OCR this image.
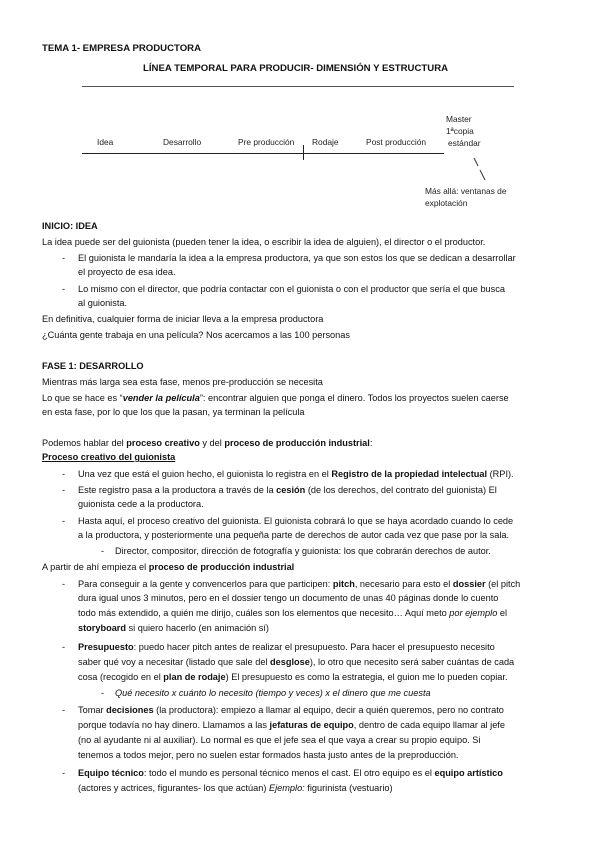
TEMA 1- EMPRESA PRODUCTORA
LÍNEA TEMPORAL PARA PRODUCIR- DIMENSIÓN Y ESTRUCTURA
Idea	Desarrollo	Pre producción Rodaje	Post producción
Master
1ªcopia
estándar
Más allá: ventanas de
explotación
INICIO: IDEA
La idea puede ser del guionista (pueden tener la idea, o escribir la idea de alguien), el director o el productor.
- El guionista le mandaría la idea a la empresa productora, ya que son estos los que se dedican a desarrollar
el proyecto de esa idea.
- Lo mismo con el director, que podría contactar con el guionista o con el productor que sería el que busca
al guionista.
En definitiva, cualquier forma de iniciar lleva a la empresa productora
¿Cuánta gente trabaja en una película? Nos acercamos a las 100 personas
FASE 1: DESARROLLO
Mientras más larga sea esta fase, menos pre-producción se necesita
Lo que se hace es “vender la película”: encontrar alguien que ponga el dinero. Todos los proyectos suelen caerse
en esta fase, por lo que los que la pasan, ya terminan la película
Podemos hablar del proceso creativo y del proceso de producción industrial:
Proceso creativo del guionista
- Una vez que está el guion hecho, el guionista lo registra en el Registro de la propiedad intelectual (RPI).
- Este registro pasa a la productora a través de la cesión (de los derechos, del contrato del guionista) El
guionista cede a la productora.
- Hasta aquí, el proceso creativo del guionista. El guionista cobrará lo que se haya acordado cuando lo cede
a la productora, y posteriormente una pequeña parte de derechos de autor cada vez que pase por la sala.
- Director, compositor, dirección de fotografía y guionista: los que cobrarán derechos de autor.
A partir de ahí empieza el proceso de producción industrial
- Para conseguir a la gente y convencerlos para que participen: pitch, necesario para esto el dossier (el pitch
dura igual unos 3 minutos, pero en el dossier tengo un documento de unas 40 páginas donde lo cuento
todo más extendido, a quién me dirijo, cuáles son los elementos que necesito… Aquí meto por ejemplo el
storyboard si quiero hacerlo (en animación sí)
- Presupuesto: puedo hacer pitch antes de realizar el presupuesto. Para hacer el presupuesto necesito
saber qué voy a necesitar (listado que sale del desglose), lo otro que necesito será saber cuántas de cada
cosa (recogido en el plan de rodaje) El presupuesto es como la estrategia, el guion me lo pueden copiar.
- Qué necesito x cuánto lo necesito (tiempo y veces) x el dinero que me cuesta
- Tomar decisiones (la productora): empiezo a llamar al equipo, decir a quién queremos, pero no contrato
porque todavía no hay dinero. Llamamos a las jefaturas de equipo, dentro de cada equipo llamar al jefe
(no al ayudante ni al auxiliar). Lo normal es que el jefe sea el que vaya a crear su propio equipo. Si
tenemos a todos mejor, pero no suelen estar formados hasta justo antes de la preproducción.
- Equipo técnico: todo el mundo es personal técnico menos el cast. El otro equipo es el equipo artístico
(actores y actrices, figurantes- los que actúan) Ejemplo: figurinista (vestuario)
